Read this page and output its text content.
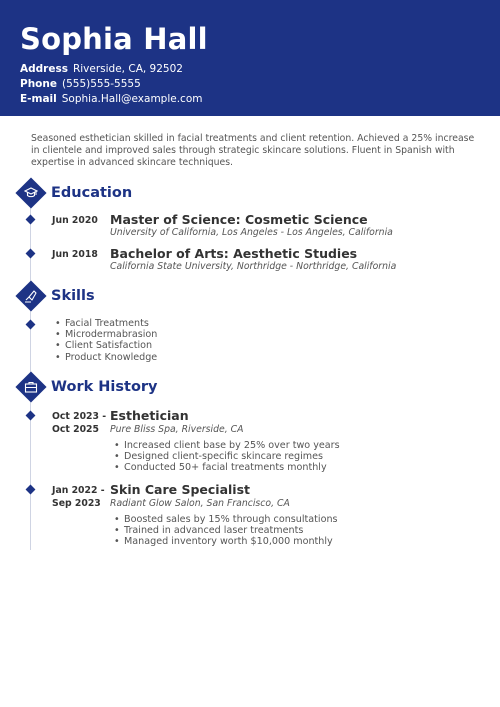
Sophia Hall
Address Riverside, CA, 92502
Phone (555)555-5555
E-mail Sophia.Hall@example.com
Seasoned esthetician skilled in facial treatments and client retention. Achieved a 25% increase in clientele and improved sales through strategic skincare solutions. Fluent in Spanish with expertise in advanced skincare techniques.
Education
Jun 2020 Master of Science: Cosmetic Science
University of California, Los Angeles - Los Angeles, California
Jun 2018 Bachelor of Arts: Aesthetic Studies
California State University, Northridge - Northridge, California
Skills
• Facial Treatments
• Microdermabrasion
• Client Satisfaction
• Product Knowledge
Work History
Oct 2023 -
Oct 2025
Esthetician
Pure Bliss Spa, Riverside, CA
• Increased client base by 25% over two years
• Designed client-specific skincare regimes
• Conducted 50+ facial treatments monthly
Jan 2022 -
Sep 2023
Skin Care Specialist
Radiant Glow Salon, San Francisco, CA
• Boosted sales by 15% through consultations
• Trained in advanced laser treatments
• Managed inventory worth $10,000 monthly
